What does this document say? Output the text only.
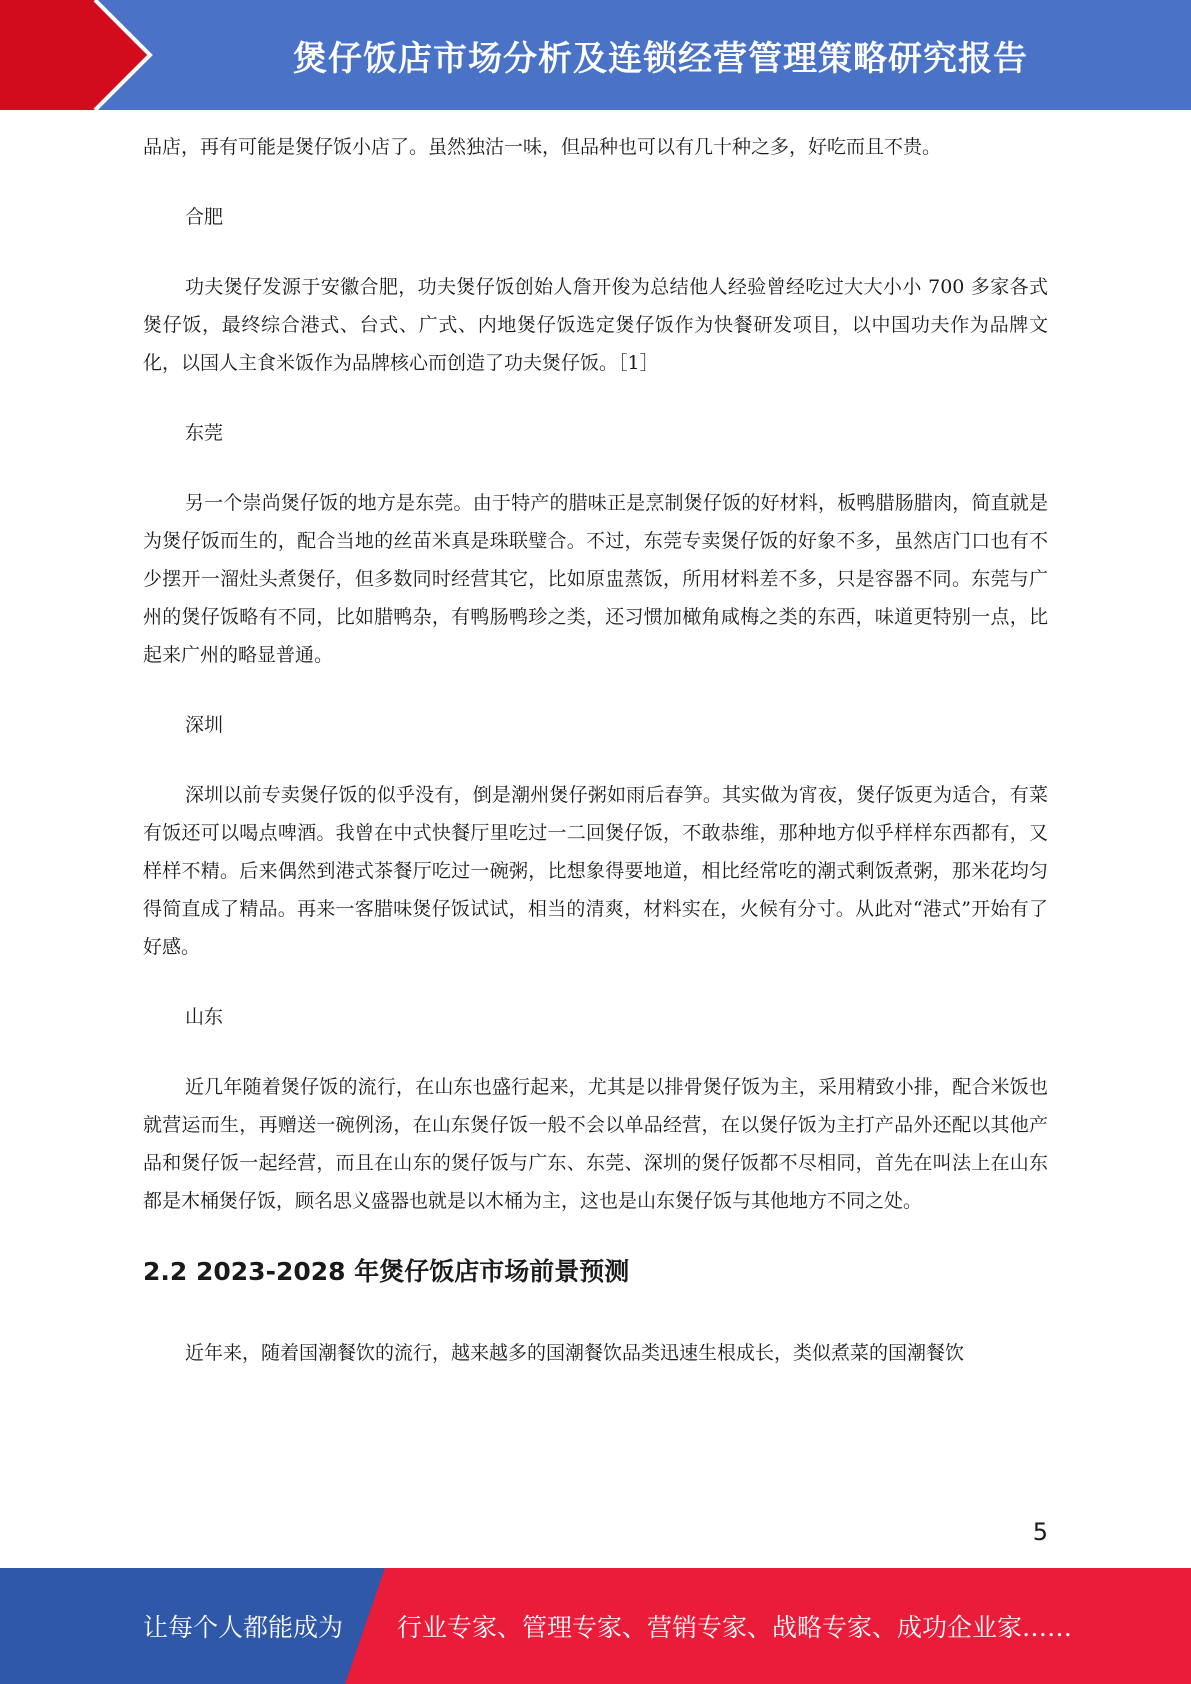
煲仔饭店市场分析及连锁经营管理策略研究报告

品店，再有可能是煲仔饭小店了。虽然独沽一味，但品种也可以有几十种之多，好吃而且不贵。

合肥

功夫煲仔发源于安徽合肥，功夫煲仔饭创始人詹开俊为总结他人经验曾经吃过大大小小 700 多家各式煲仔饭，最终综合港式、台式、广式、内地煲仔饭选定煲仔饭作为快餐研发项目，以中国功夫作为品牌文化，以国人主食米饭作为品牌核心而创造了功夫煲仔饭。［1］

东莞

另一个崇尚煲仔饭的地方是东莞。由于特产的腊味正是烹制煲仔饭的好材料，板鸭腊肠腊肉，简直就是为煲仔饭而生的，配合当地的丝苗米真是珠联璧合。不过，东莞专卖煲仔饭的好象不多，虽然店门口也有不少摆开一溜灶头煮煲仔，但多数同时经营其它，比如原盅蒸饭，所用材料差不多，只是容器不同。东莞与广州的煲仔饭略有不同，比如腊鸭杂，有鸭肠鸭珍之类，还习惯加橄角咸梅之类的东西，味道更特别一点，比起来广州的略显普通。

深圳

深圳以前专卖煲仔饭的似乎没有，倒是潮州煲仔粥如雨后春笋。其实做为宵夜，煲仔饭更为适合，有菜有饭还可以喝点啤酒。我曾在中式快餐厅里吃过一二回煲仔饭，不敢恭维，那种地方似乎样样东西都有，又样样不精。后来偶然到港式茶餐厅吃过一碗粥，比想象得要地道，相比经常吃的潮式剩饭煮粥，那米花均匀得简直成了精品。再来一客腊味煲仔饭试试，相当的清爽，材料实在，火候有分寸。从此对“港式”开始有了好感。

山东

近几年随着煲仔饭的流行，在山东也盛行起来，尤其是以排骨煲仔饭为主，采用精致小排，配合米饭也就营运而生，再赠送一碗例汤，在山东煲仔饭一般不会以单品经营，在以煲仔饭为主打产品外还配以其他产品和煲仔饭一起经营，而且在山东的煲仔饭与广东、东莞、深圳的煲仔饭都不尽相同，首先在叫法上在山东都是木桶煲仔饭，顾名思义盛器也就是以木桶为主，这也是山东煲仔饭与其他地方不同之处。

2.2 2023-2028 年煲仔饭店市场前景预测

近年来，随着国潮餐饮的流行，越来越多的国潮餐饮品类迅速生根成长，类似煮菜的国潮餐饮

5
让每个人都能成为 行业专家、管理专家、营销专家、战略专家、成功企业家……
